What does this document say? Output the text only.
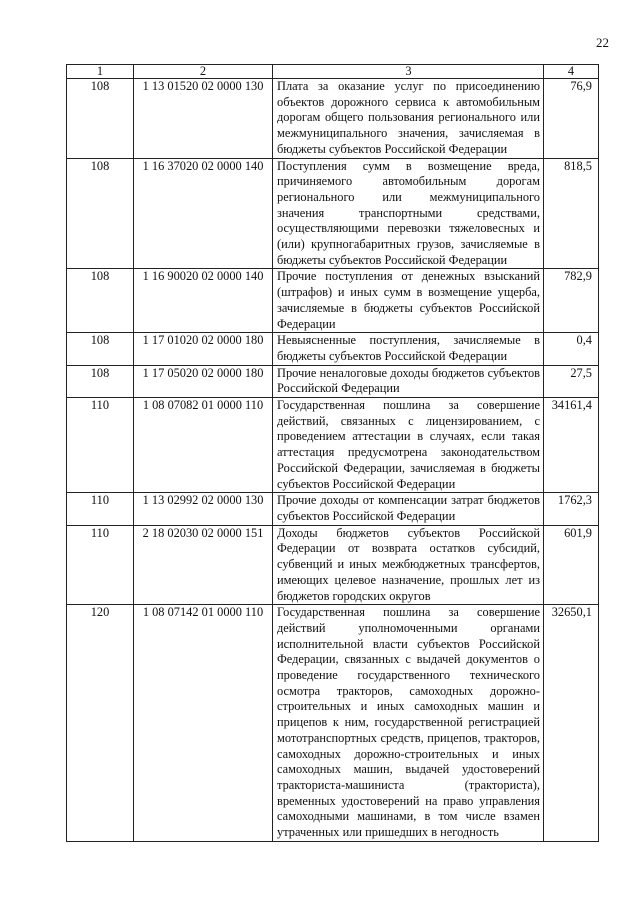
22
1	2	3	4
108	1 13 01520 02 0000 130	Плата за оказание услуг по присоединению объектов дорожного сервиса к автомобильным дорогам общего пользования регионального или межмуниципального значения, зачисляемая в бюджеты субъектов Российской Федерации	76,9
108	1 16 37020 02 0000 140	Поступления сумм в возмещение вреда, причиняемого автомобильным дорогам регионального или межмуниципального значения транспортными средствами, осуществляющими перевозки тяжеловесных и (или) крупногабаритных грузов, зачисляемые в бюджеты субъектов Российской Федерации	818,5
108	1 16 90020 02 0000 140	Прочие поступления от денежных взысканий (штрафов) и иных сумм в возмещение ущерба, зачисляемые в бюджеты субъектов Российской Федерации	782,9
108	1 17 01020 02 0000 180	Невыясненные поступления, зачисляемые в бюджеты субъектов Российской Федерации	0,4
108	1 17 05020 02 0000 180	Прочие неналоговые доходы бюджетов субъектов Российской Федерации	27,5
110	1 08 07082 01 0000 110	Государственная пошлина за совершение действий, связанных с лицензированием, с проведением аттестации в случаях, если такая аттестация предусмотрена законодательством Российской Федерации, зачисляемая в бюджеты субъектов Российской Федерации	34161,4
110	1 13 02992 02 0000 130	Прочие доходы от компенсации затрат бюджетов субъектов Российской Федерации	1762,3
110	2 18 02030 02 0000 151	Доходы бюджетов субъектов Российской Федерации от возврата остатков субсидий, субвенций и иных межбюджетных трансфертов, имеющих целевое назначение, прошлых лет из бюджетов городских округов	601,9
120	1 08 07142 01 0000 110	Государственная пошлина за совершение действий уполномоченными органами исполнительной власти субъектов Российской Федерации, связанных с выдачей документов о проведение государственного технического осмотра тракторов, самоходных дорожно-строительных и иных самоходных машин и прицепов к ним, государственной регистрацией мототранспортных средств, прицепов, тракторов, самоходных дорожно-строительных и иных самоходных машин, выдачей удостоверений тракториста-машиниста (тракториста), временных удостоверений на право управления самоходными машинами, в том числе взамен утраченных или пришедших в негодность	32650,1
